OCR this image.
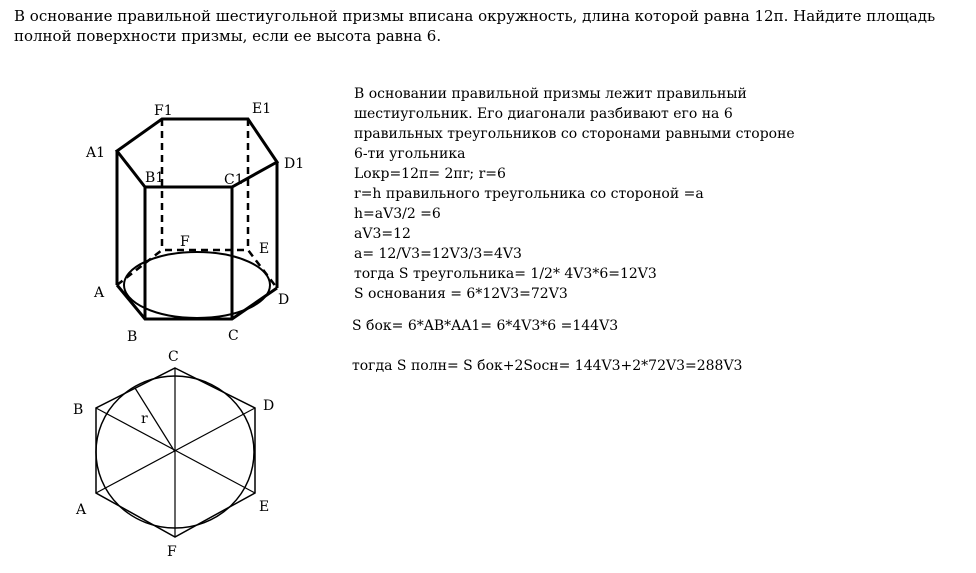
В основание правильной шестиугольной призмы вписана окружность, длина которой равна 12п. Найдите площадь полной поверхности призмы, если ее высота равна 6.
В основании правильной призмы лежит правильный
шестиугольник. Его диагонали разбивают его на 6
правильных треугольников со сторонами равными стороне
6-ти угольника
Lокр=12п= 2пr; r=6
r=h правильного треугольника со стороной =a
h=aV3/2 =6
aV3=12
a= 12/V3=12V3/3=4V3
тогда S треугольника= 1/2* 4V3*6=12V3
S основания = 6*12V3=72V3
S бок= 6*AB*AA1= 6*4V3*6 =144V3
тогда S полн= S бок+2Sосн= 144V3+2*72V3=288V3
F1	E1
A1
D1
B1	C1
F	E
A	D
B	C
C
B	D
A	E
F
r
